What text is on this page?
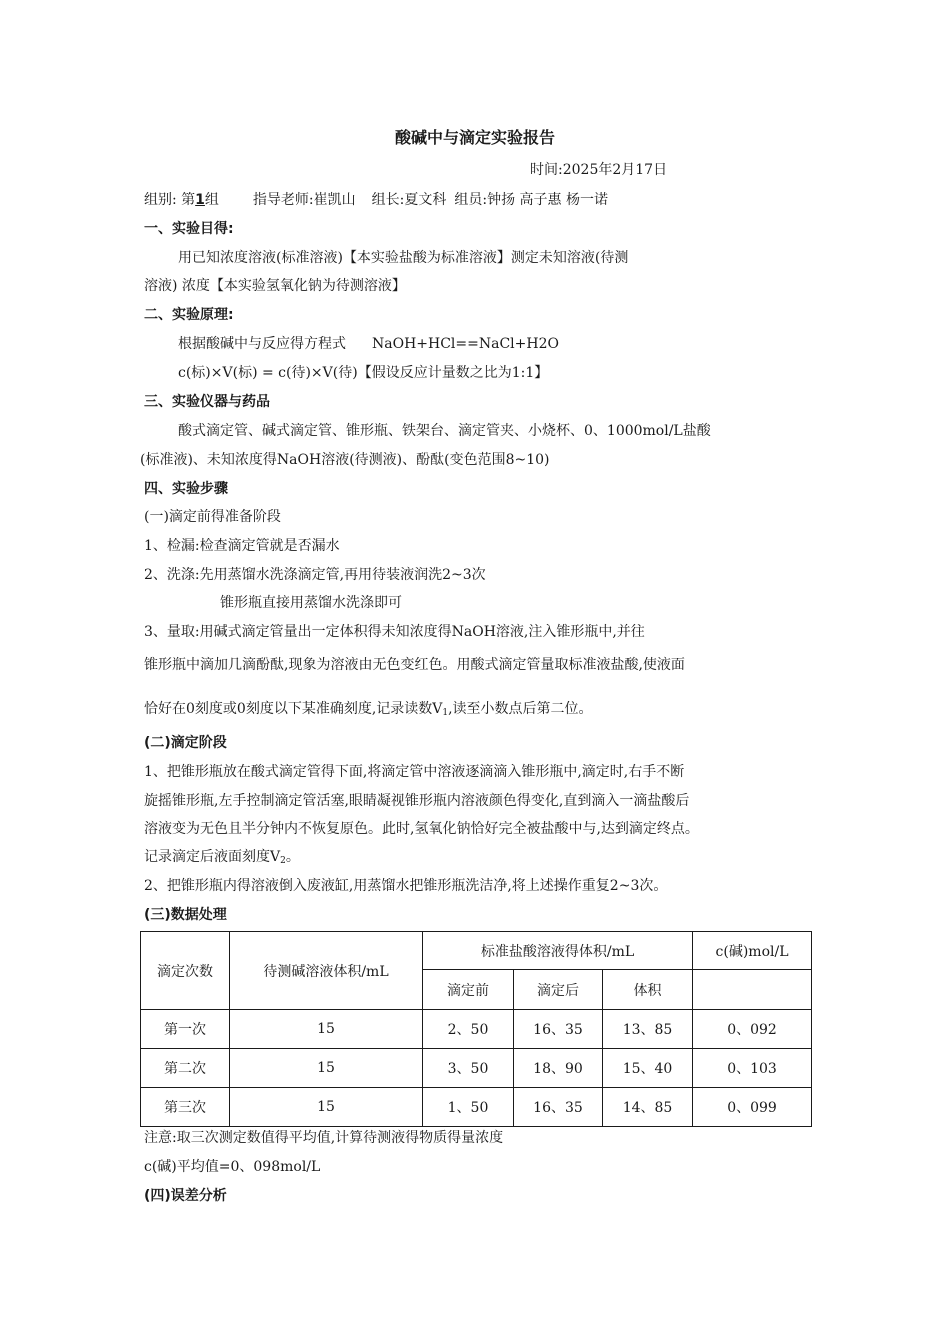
酸碱中与滴定实验报告
时间:2025年2月17日
组别: 第1组 指导老师:崔凯山 组长:夏文科 组员:钟扬 高子惠 杨一诺
一、实验目得:
用已知浓度溶液(标准溶液)【本实验盐酸为标准溶液】测定未知溶液(待测
溶液) 浓度【本实验氢氧化钠为待测溶液】
二、实验原理:
根据酸碱中与反应得方程式 NaOH+HCl==NaCl+H2O
c(标)×V(标) = c(待)×V(待)【假设反应计量数之比为1:1】
三、实验仪器与药品
酸式滴定管、碱式滴定管、锥形瓶、铁架台、滴定管夹、小烧杯、0、1000mol/L盐酸
(标准液)、未知浓度得NaOH溶液(待测液)、酚酞(变色范围8~10)
四、实验步骤
(一)滴定前得准备阶段
1、检漏:检查滴定管就是否漏水
2、洗涤:先用蒸馏水洗涤滴定管,再用待装液润洗2~3次
锥形瓶直接用蒸馏水洗涤即可
3、量取:用碱式滴定管量出一定体积得未知浓度得NaOH溶液,注入锥形瓶中,并往
锥形瓶中滴加几滴酚酞,现象为溶液由无色变红色。用酸式滴定管量取标准液盐酸,使液面
恰好在0刻度或0刻度以下某准确刻度,记录读数$V_1$,读至小数点后第二位。
(二)滴定阶段
1、把锥形瓶放在酸式滴定管得下面,将滴定管中溶液逐滴滴入锥形瓶中,滴定时,右手不断
旋摇锥形瓶,左手控制滴定管活塞,眼睛凝视锥形瓶内溶液颜色得变化,直到滴入一滴盐酸后
溶液变为无色且半分钟内不恢复原色。此时,氢氧化钠恰好完全被盐酸中与,达到滴定终点。
记录滴定后液面刻度$V_2$。
2、把锥形瓶内得溶液倒入废液缸,用蒸馏水把锥形瓶洗洁净,将上述操作重复2~3次。
(三)数据处理
滴定次数	待测碱溶液体积/mL	标准盐酸溶液得体积/mL			c(碱)mol/L
		滴定前	滴定后	体积	
第一次	15	2、50	16、35	13、85	0、092
第二次	15	3、50	18、90	15、40	0、103
第三次	15	1、50	16、35	14、85	0、099
注意:取三次测定数值得平均值,计算待测液得物质得量浓度
c(碱)平均值=0、098mol/L
(四)误差分析
